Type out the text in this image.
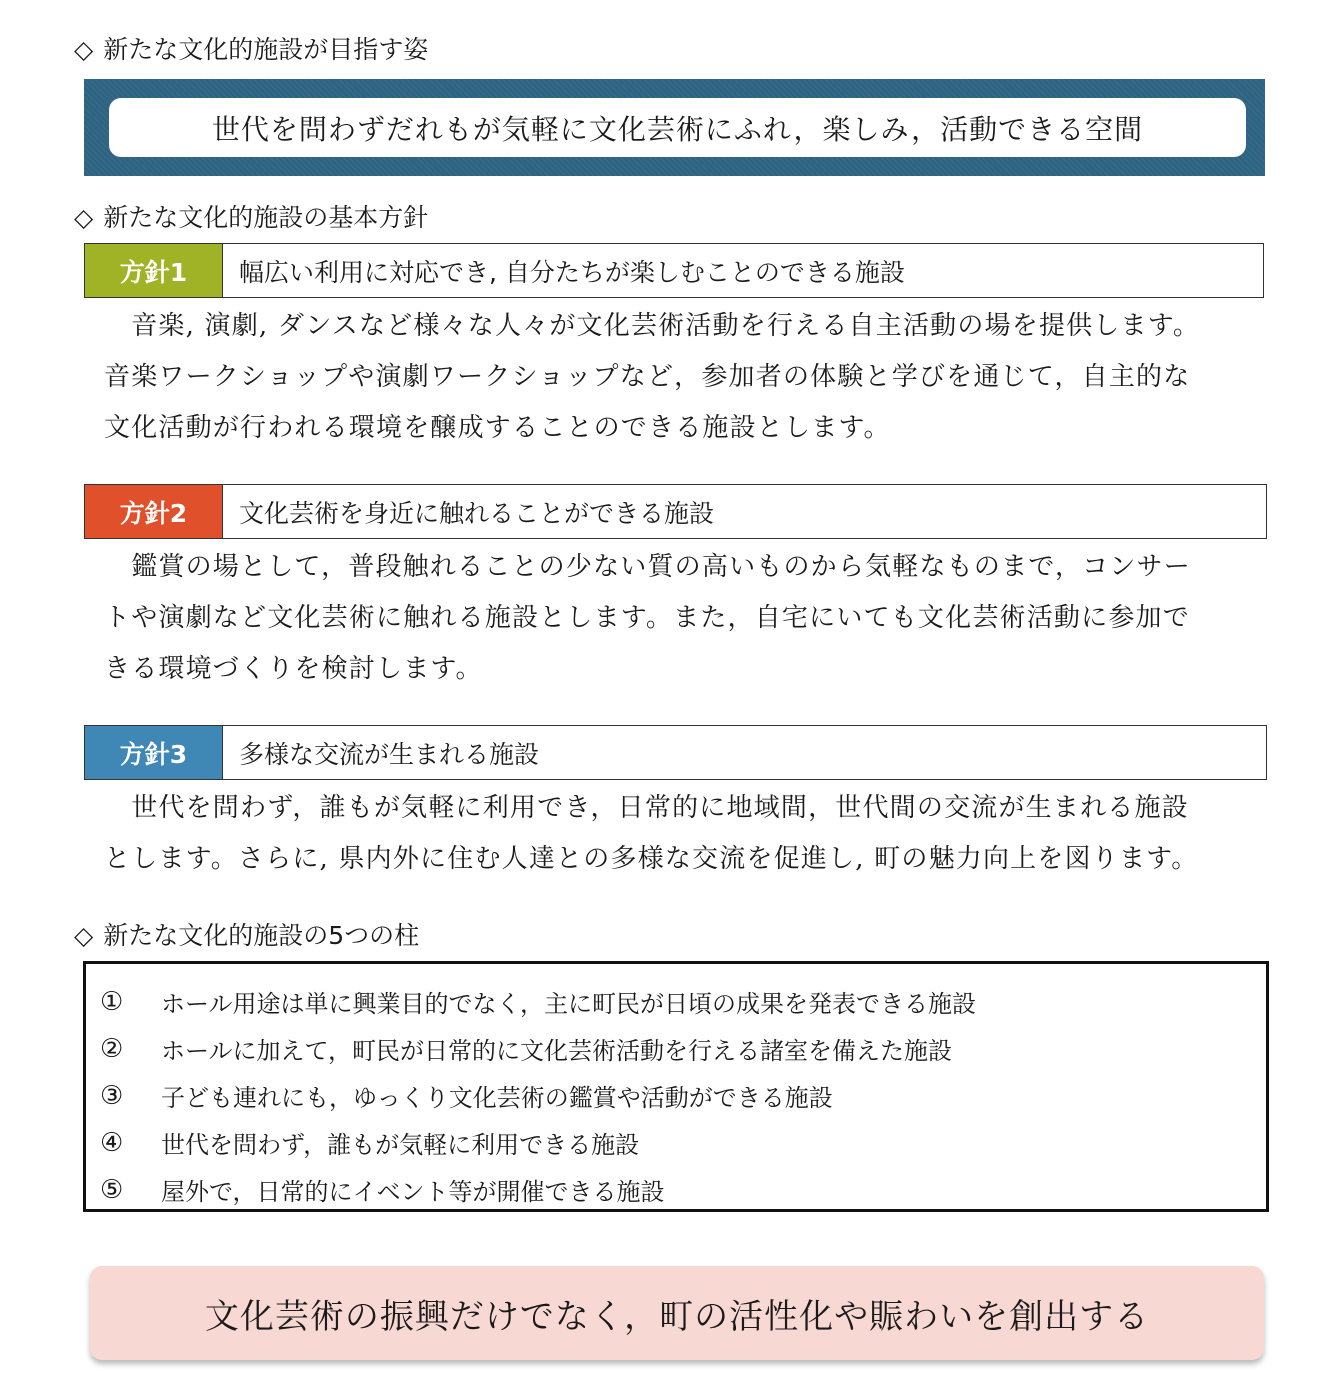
◇ 新たな文化的施設が目指す姿
世代を問わずだれもが気軽に文化芸術にふれ，楽しみ，活動できる空間
◇ 新たな文化的施設の基本方針
方針1	幅広い利用に対応でき, 自分たちが楽しむことのできる施設
　音楽, 演劇, ダンスなど様々な人々が文化芸術活動を行える自主活動の場を提供します。
音楽ワークショップや演劇ワークショップなど，参加者の体験と学びを通じて，自主的な
文化活動が行われる環境を醸成することのできる施設とします。
方針2	文化芸術を身近に触れることができる施設
　鑑賞の場として，普段触れることの少ない質の高いものから気軽なものまで，コンサー
トや演劇など文化芸術に触れる施設とします。また，自宅にいても文化芸術活動に参加で
きる環境づくりを検討します。
方針3	多様な交流が生まれる施設
　世代を問わず，誰もが気軽に利用でき，日常的に地域間，世代間の交流が生まれる施設
とします。さらに, 県内外に住む人達との多様な交流を促進し, 町の魅力向上を図ります。
◇ 新たな文化的施設の5つの柱
①	ホール用途は単に興業目的でなく，主に町民が日頃の成果を発表できる施設
②	ホールに加えて，町民が日常的に文化芸術活動を行える諸室を備えた施設
③	子ども連れにも，ゆっくり文化芸術の鑑賞や活動ができる施設
④	世代を問わず，誰もが気軽に利用できる施設
⑤	屋外で，日常的にイベント等が開催できる施設
文化芸術の振興だけでなく，町の活性化や賑わいを創出する
